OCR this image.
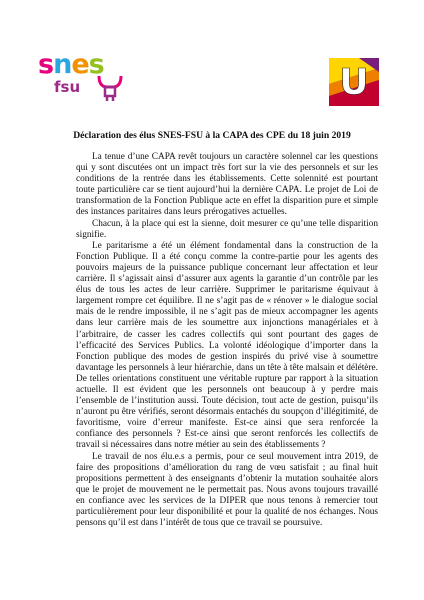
snes
fsu	U
Déclaration des élus SNES-FSU à la CAPA des CPE du 18 juin 2019

La tenue d’une CAPA revêt toujours un caractère solennel car les questions qui y sont discutées ont un impact très fort sur la vie des personnels et sur les conditions de la rentrée dans les établissements. Cette solennité est pourtant toute particulière car se tient aujourd’hui la dernière CAPA. Le projet de Loi de transformation de la Fonction Publique acte en effet la disparition pure et simple des instances paritaires dans leurs prérogatives actuelles.

Chacun, à la place qui est la sienne, doit mesurer ce qu’une telle disparition signifie.

Le paritarisme a été un élément fondamental dans la construction de la Fonction Publique. Il a été conçu comme la contre-partie pour les agents des pouvoirs majeurs de la puissance publique concernant leur affectation et leur carrière. Il s’agissait ainsi d’assurer aux agents la garantie d’un contrôle par les élus de tous les actes de leur carrière. Supprimer le paritarisme équivaut à largement rompre cet équilibre. Il ne s’agit pas de « rénover » le dialogue social mais de le rendre impossible, il ne s’agit pas de mieux accompagner les agents dans leur carrière mais de les soumettre aux injonctions managériales et à l’arbitraire, de casser les cadres collectifs qui sont pourtant des gages de l’efficacité des Services Publics. La volonté idéologique d’importer dans la Fonction publique des modes de gestion inspirés du privé vise à soumettre davantage les personnels à leur hiérarchie, dans un tête à tête malsain et délétère. De telles orientations constituent une véritable rupture par rapport à la situation actuelle. Il est évident que les personnels ont beaucoup à y perdre mais l’ensemble de l’institution aussi. Toute décision, tout acte de gestion, puisqu’ils n’auront pu être vérifiés, seront désormais entachés du soupçon d’illégitimité, de favoritisme, voire d’erreur manifeste. Est-ce ainsi que sera renforcée la confiance des personnels ? Est-ce ainsi que seront renforcés les collectifs de travail si nécessaires dans notre métier au sein des établissements ?

Le travail de nos élu.e.s a permis, pour ce seul mouvement intra 2019, de faire des propositions d’amélioration du rang de vœu satisfait ; au final huit propositions permettent à des enseignants d’obtenir la mutation souhaitée alors que le projet de mouvement ne le permettait pas. Nous avons toujours travaillé en confiance avec les services de la DIPER que nous tenons à remercier tout particulièrement pour leur disponibilité et pour la qualité de nos échanges. Nous pensons qu’il est dans l’intérêt de tous que ce travail se poursuive.
